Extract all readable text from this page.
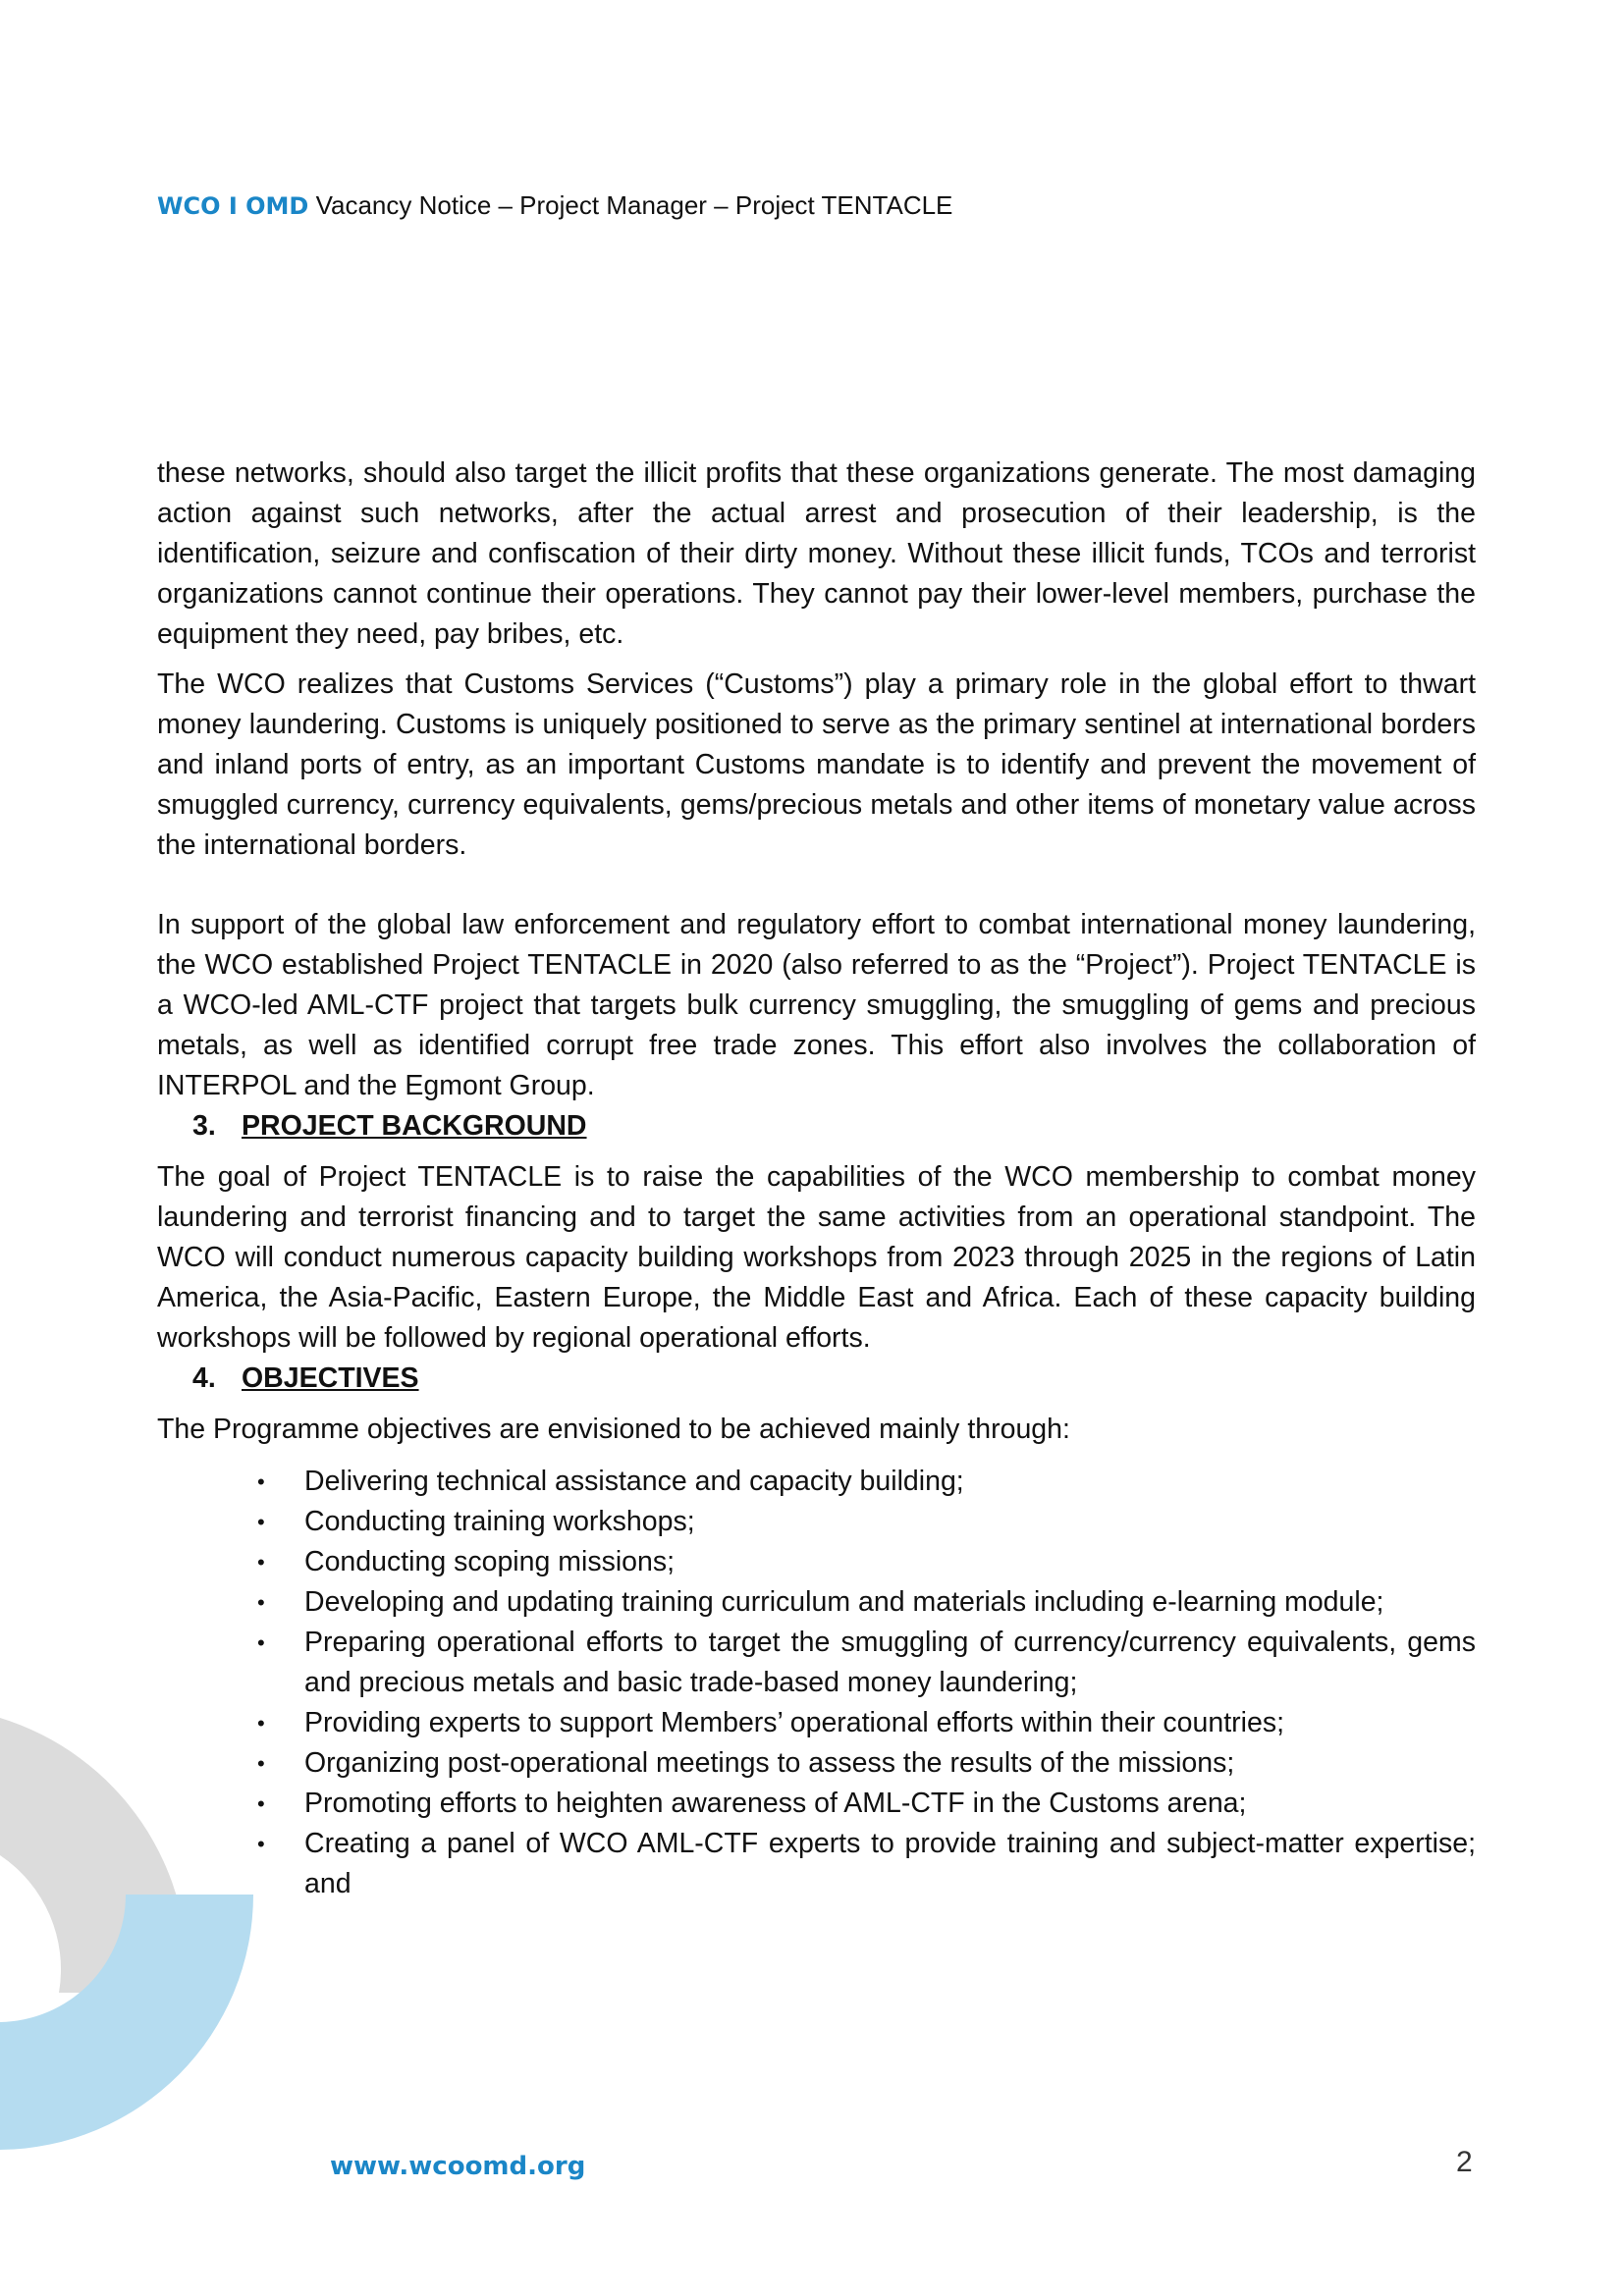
WCO I OMD Vacancy Notice – Project Manager – Project TENTACLE

these networks, should also target the illicit profits that these organizations generate. The most damaging action against such networks, after the actual arrest and prosecution of their leadership, is the identification, seizure and confiscation of their dirty money. Without these illicit funds, TCOs and terrorist organizations cannot continue their operations. They cannot pay their lower-level members, purchase the equipment they need, pay bribes, etc.

The WCO realizes that Customs Services (“Customs”) play a primary role in the global effort to thwart money laundering. Customs is uniquely positioned to serve as the primary sentinel at international borders and inland ports of entry, as an important Customs mandate is to identify and prevent the movement of smuggled currency, currency equivalents, gems/precious metals and other items of monetary value across the international borders.

In support of the global law enforcement and regulatory effort to combat international money laundering, the WCO established Project TENTACLE in 2020 (also referred to as the “Project”). Project TENTACLE is a WCO-led AML-CTF project that targets bulk currency smuggling, the smuggling of gems and precious metals, as well as identified corrupt free trade zones. This effort also involves the collaboration of INTERPOL and the Egmont Group.

3. PROJECT BACKGROUND

The goal of Project TENTACLE is to raise the capabilities of the WCO membership to combat money laundering and terrorist financing and to target the same activities from an operational standpoint. The WCO will conduct numerous capacity building workshops from 2023 through 2025 in the regions of Latin America, the Asia-Pacific, Eastern Europe, the Middle East and Africa. Each of these capacity building workshops will be followed by regional operational efforts.

4. OBJECTIVES

The Programme objectives are envisioned to be achieved mainly through:

• Delivering technical assistance and capacity building;
• Conducting training workshops;
• Conducting scoping missions;
• Developing and updating training curriculum and materials including e-learning module;
• Preparing operational efforts to target the smuggling of currency/currency equivalents, gems and precious metals and basic trade-based money laundering;
• Providing experts to support Members’ operational efforts within their countries;
• Organizing post-operational meetings to assess the results of the missions;
• Promoting efforts to heighten awareness of AML-CTF in the Customs arena;
• Creating a panel of WCO AML-CTF experts to provide training and subject-matter expertise; and
www.wcoomd.org	2
